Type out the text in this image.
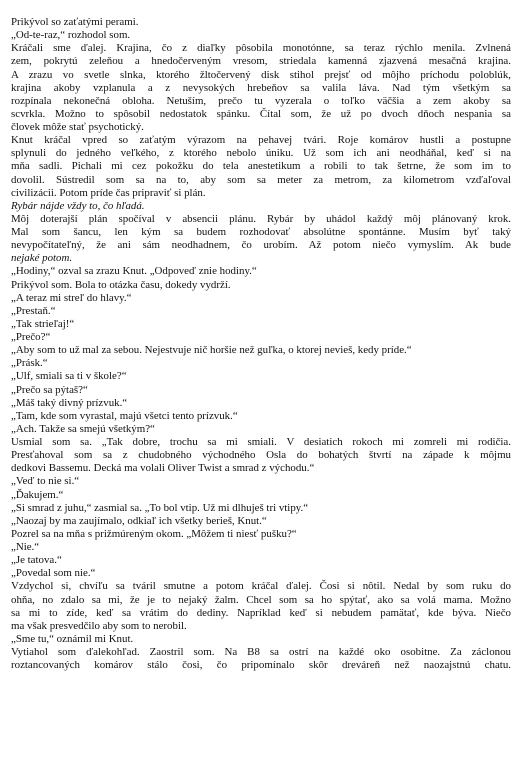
Prikývol so zaťatými perami.
„Od-te-raz,“ rozhodol som.
Kráčali sme ďalej. Krajina, čo z diaľky pôsobila monotónne, sa teraz rýchlo menila. Zvlnená
zem, pokrytú zeleňou a hnedočerveným vresom, striedala kamenná zjazvená mesačná krajina.
A zrazu vo svetle slnka, ktorého žltočervený disk stihol prejsť od môjho príchodu poloblúk,
krajina akoby vzplanula a z nevysokých hrebeňov sa valila láva. Nad tým všetkým sa
rozpínala nekonečná obloha. Netuším, prečo tu vyzerala o toľko väčšia a zem akoby sa
scvrkla. Možno to spôsobil nedostatok spánku. Čítal som, že už po dvoch dňoch nespania sa
človek môže stať psychotický.
Knut kráčal vpred so zaťatým výrazom na pehavej tvári. Roje komárov hustli a postupne
splynuli do jedného veľkého, z ktorého nebolo úniku. Už som ich ani neodháňal, keď si na
mňa sadli. Pichali mi cez pokožku do tela anestetikum a robili to tak šetrne, že som im to
dovolil. Sústredil som sa na to, aby som sa meter za metrom, za kilometrom vzďaľoval
civilizácii. Potom príde čas pripraviť si plán.
Rybár nájde vždy to, čo hľadá.
Môj doterajší plán spočíval v absencii plánu. Rybár by uhádol každý môj plánovaný krok.
Mal som šancu, len kým sa budem rozhodovať absolútne spontánne. Musím byť taký
nevypočítateľný, že ani sám neodhadnem, čo urobím. Až potom niečo vymyslím. Ak bude
nejaké potom.
„Hodiny,“ ozval sa zrazu Knut. „Odpoveď znie hodiny.“
Prikývol som. Bola to otázka času, dokedy vydrží.
„A teraz mi streľ do hlavy.“
„Prestaň.“
„Tak strieľaj!“
„Prečo?“
„Aby som to už mal za sebou. Nejestvuje nič horšie než guľka, o ktorej nevieš, kedy príde.“
„Prásk.“
„Ulf, smiali sa ti v škole?“
„Prečo sa pýtaš?“
„Máš taký divný prízvuk.“
„Tam, kde som vyrastal, majú všetci tento prízvuk.“
„Ach. Takže sa smejú všetkým?“
Usmial som sa. „Tak dobre, trochu sa mi smiali. V desiatich rokoch mi zomreli mi rodičia.
Presťahoval som sa z chudobného východného Osla do bohatých štvrtí na západe k môjmu
dedkovi Bassemu. Decká ma volali Oliver Twist a smrad z východu.“
„Veď to nie si.“
„Ďakujem.“
„Si smrad z juhu,“ zasmial sa. „To bol vtip. Už mi dlhuješ tri vtipy.“
„Naozaj by ma zaujímalo, odkiaľ ich všetky berieš, Knut.“
Pozrel sa na mňa s prižmúreným okom. „Môžem ti niesť pušku?“
„Nie.“
„Je tatova.“
„Povedal som nie.“
Vzdychol si, chvíľu sa tváril smutne a potom kráčal ďalej. Čosi si nôtil. Nedal by som ruku do
ohňa, no zdalo sa mi, že je to nejaký žalm. Chcel som sa ho spýtať, ako sa volá mama. Možno
sa mi to zíde, keď sa vrátim do dediny. Napríklad keď si nebudem pamätať, kde býva. Niečo
ma však presvedčilo aby som to nerobil.
„Sme tu,“ oznámil mi Knut.
Vytiahol som ďalekohľad. Zaostril som. Na B8 sa ostrí na každé oko osobitne. Za záclonou
roztancovaných komárov stálo čosi, čo pripomínalo skôr dreváreň než naozajstnú chatu.
